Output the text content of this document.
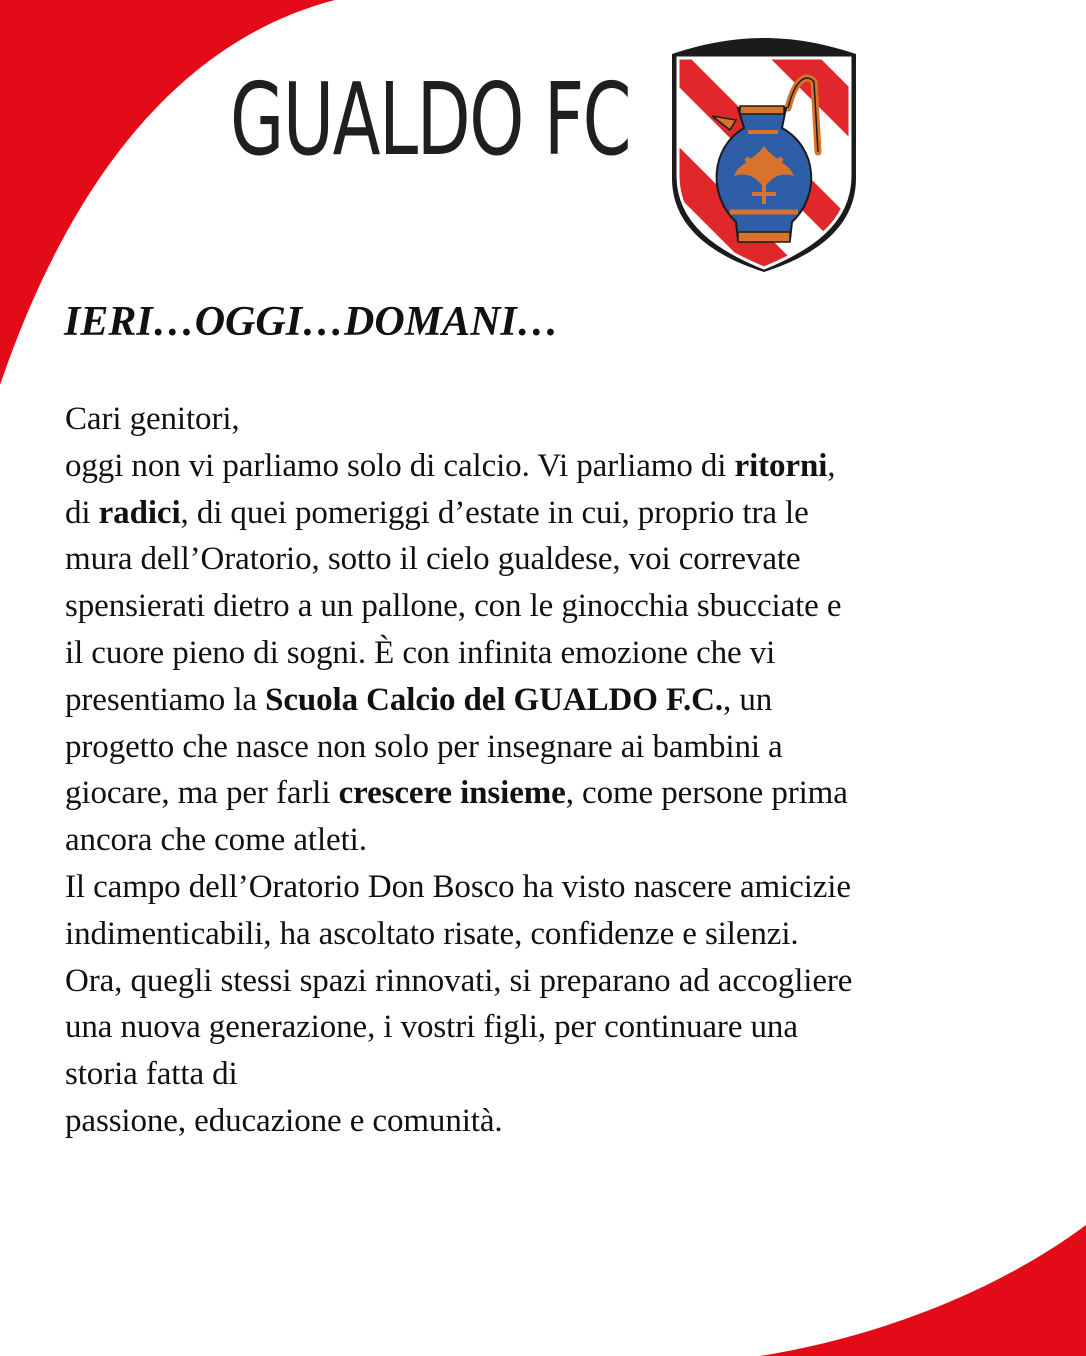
GUALDO FC
IERI…OGGI…DOMANI…
Cari genitori,
oggi non vi parliamo solo di calcio. Vi parliamo di ritorni,
di radici, di quei pomeriggi d’estate in cui, proprio tra le
mura dell’Oratorio, sotto il cielo gualdese, voi correvate
spensierati dietro a un pallone, con le ginocchia sbucciate e
il cuore pieno di sogni. È con infinita emozione che vi
presentiamo la Scuola Calcio del GUALDO F.C., un
progetto che nasce non solo per insegnare ai bambini a
giocare, ma per farli crescere insieme, come persone prima
ancora che come atleti.
Il campo dell’Oratorio Don Bosco ha visto nascere amicizie
indimenticabili, ha ascoltato risate, confidenze e silenzi.
Ora, quegli stessi spazi rinnovati, si preparano ad accogliere
una nuova generazione, i vostri figli, per continuare una
storia fatta di
passione, educazione e comunità.
